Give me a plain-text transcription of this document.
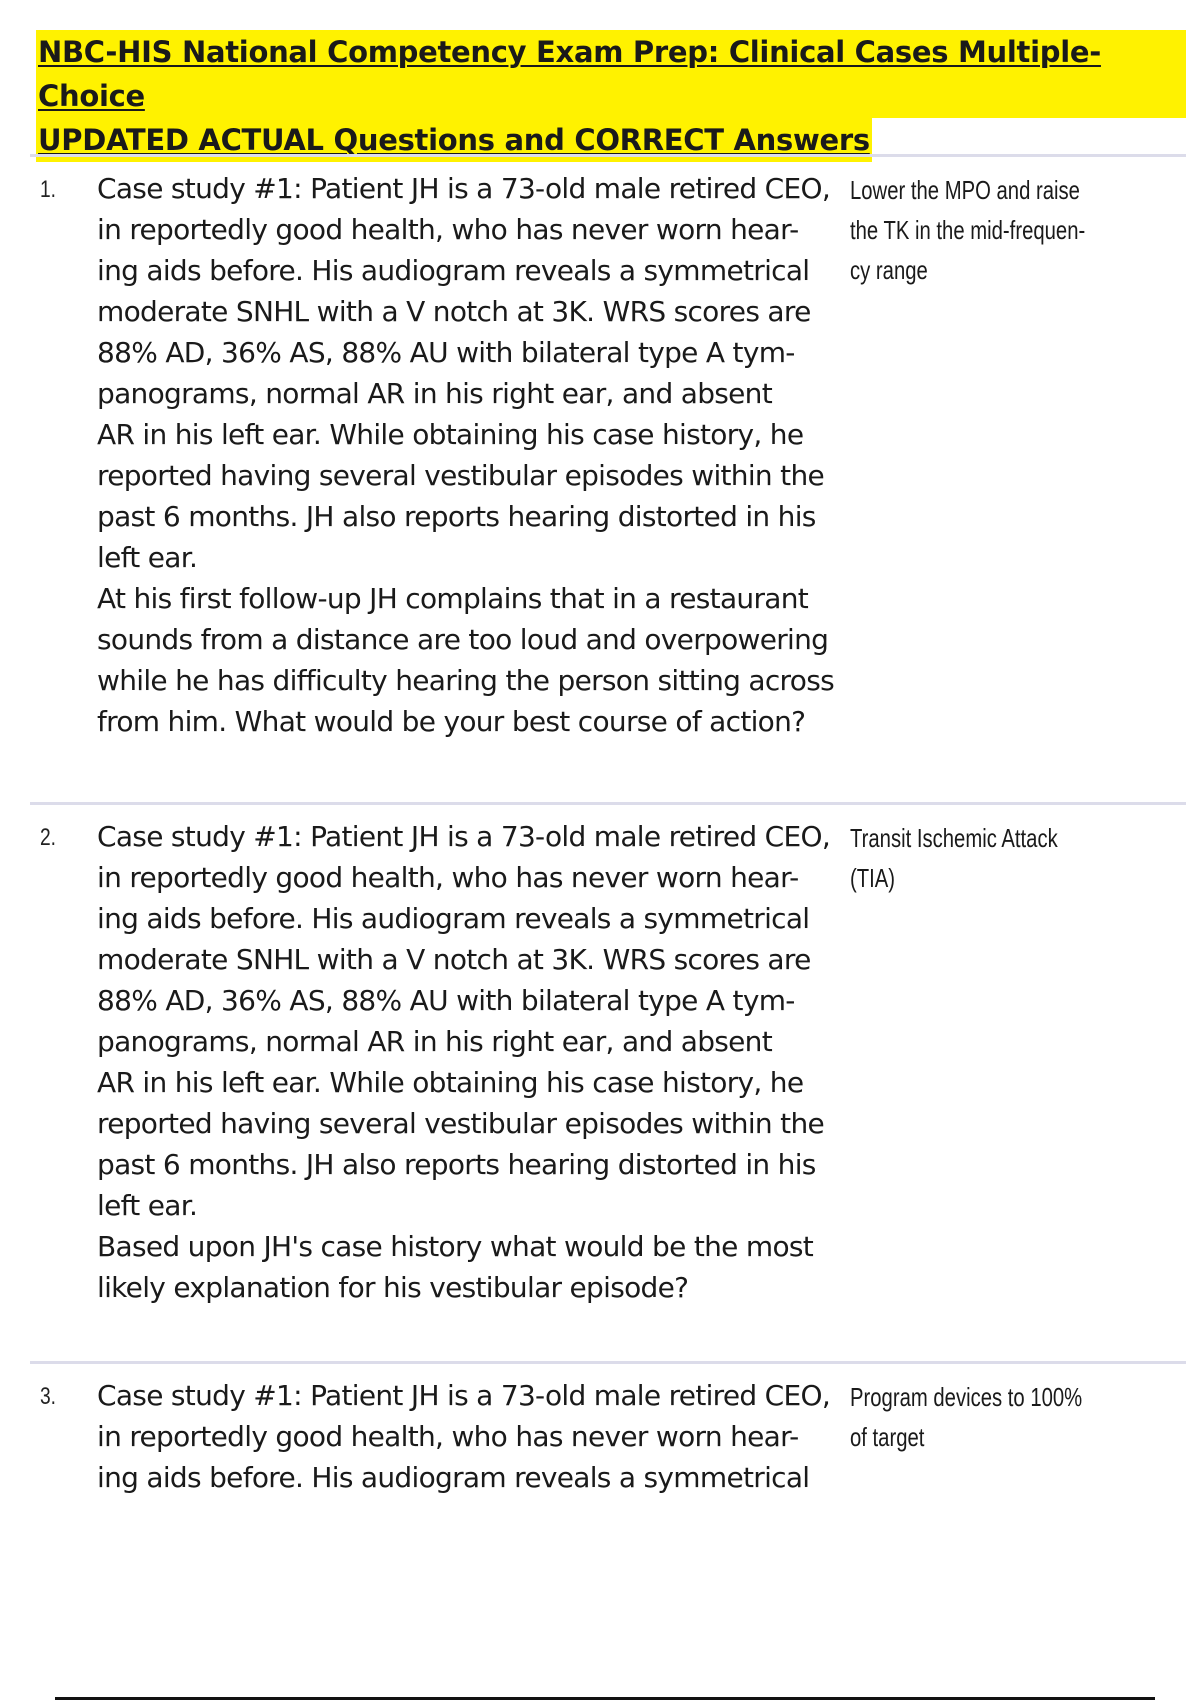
NBC-HIS National Competency Exam Prep: Clinical Cases Multiple-Choice
UPDATED ACTUAL Questions and CORRECT Answers
1. Case study #1: Patient JH is a 73-old male retired CEO,
in reportedly good health, who has never worn hear-
ing aids before. His audiogram reveals a symmetrical
moderate SNHL with a V notch at 3K. WRS scores are
88% AD, 36% AS, 88% AU with bilateral type A tym-
panograms, normal AR in his right ear, and absent
AR in his left ear. While obtaining his case history, he
reported having several vestibular episodes within the
past 6 months. JH also reports hearing distorted in his
left ear.
At his first follow-up JH complains that in a restaurant
sounds from a distance are too loud and overpowering
while he has difficulty hearing the person sitting across
from him. What would be your best course of action?

Lower the MPO and raise
the TK in the mid-frequen-
cy range

2. Case study #1: Patient JH is a 73-old male retired CEO,
in reportedly good health, who has never worn hear-
ing aids before. His audiogram reveals a symmetrical
moderate SNHL with a V notch at 3K. WRS scores are
88% AD, 36% AS, 88% AU with bilateral type A tym-
panograms, normal AR in his right ear, and absent
AR in his left ear. While obtaining his case history, he
reported having several vestibular episodes within the
past 6 months. JH also reports hearing distorted in his
left ear.
Based upon JH's case history what would be the most
likely explanation for his vestibular episode?

Transit Ischemic Attack
(TIA)

3. Case study #1: Patient JH is a 73-old male retired CEO,
in reportedly good health, who has never worn hear-
ing aids before. His audiogram reveals a symmetrical

Program devices to 100%
of target
